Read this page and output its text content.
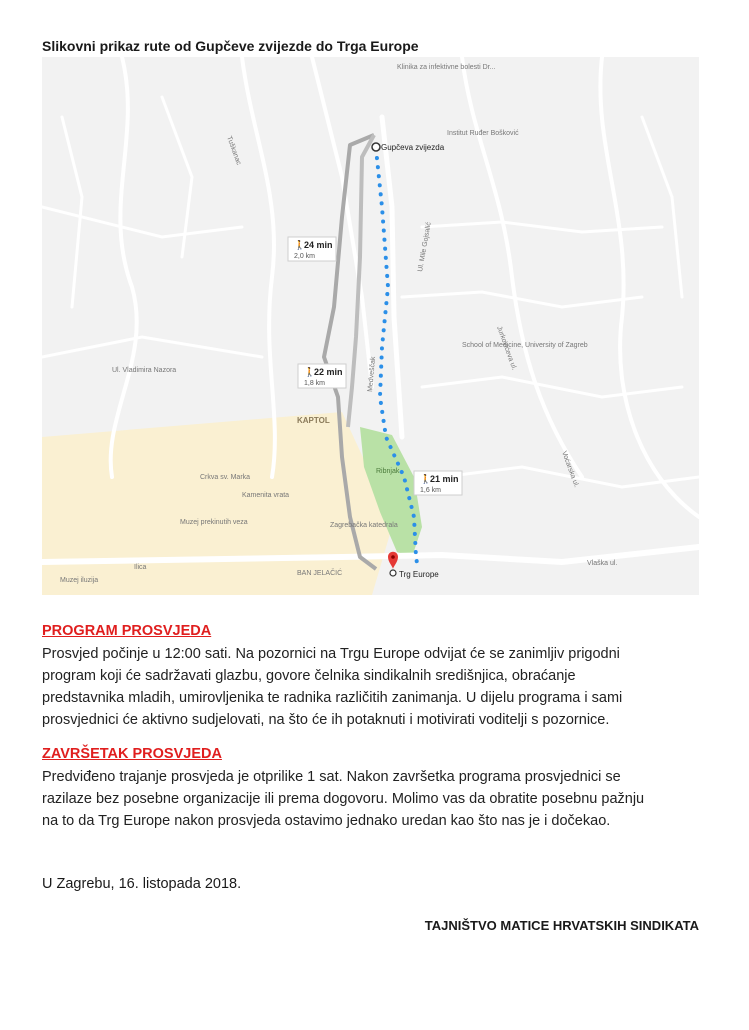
Slikovni prikaz rute od Gupčeve zvijezde do Trga Europe
🚶
24 min
2,0 km
🚶
22 min
1,8 km
🚶
21 min
1,6 km
Gupčeva zvijezda
Trg Europe
Klinika za infektivne bolesti Dr...
Institut Ruđer Bošković
School of Medicine, University of Zagreb
KAPTOL
Crkva sv. Marka
Kamenita vrata
Muzej prekinutih veza	Zagrebačka katedrala
Muzej iluzija
BAN JELAČIĆ
Ribnjak
Vlaška ul.
Ilica
Voćarska ul.
Ul. Mile Gojsalić
Tuškanac
Medveščak
Jurkovićeva ul.
Ul. Vladimira Nazora
PROGRAM PROSVJEDA
Prosvjed počinje u 12:00 sati. Na pozornici na Trgu Europe odvijat će se zanimljiv prigodni
program koji će sadržavati glazbu, govore čelnika sindikalnih središnjica, obraćanje
predstavnika mladih, umirovljenika te radnika različitih zanimanja. U dijelu programa i sami
prosvjednici će aktivno sudjelovati, na što će ih potaknuti i motivirati voditelji s pozornice.
ZAVRŠETAK PROSVJEDA
Predviđeno trajanje prosvjeda je otprilike 1 sat. Nakon završetka programa prosvjednici se
razilaze bez posebne organizacije ili prema dogovoru. Molimo vas da obratite posebnu pažnju
na to da Trg Europe nakon prosvjeda ostavimo jednako uredan kao što nas je i dočekao.

U Zagrebu, 16. listopada 2018.

TAJNIŠTVO MATICE HRVATSKIH SINDIKATA
